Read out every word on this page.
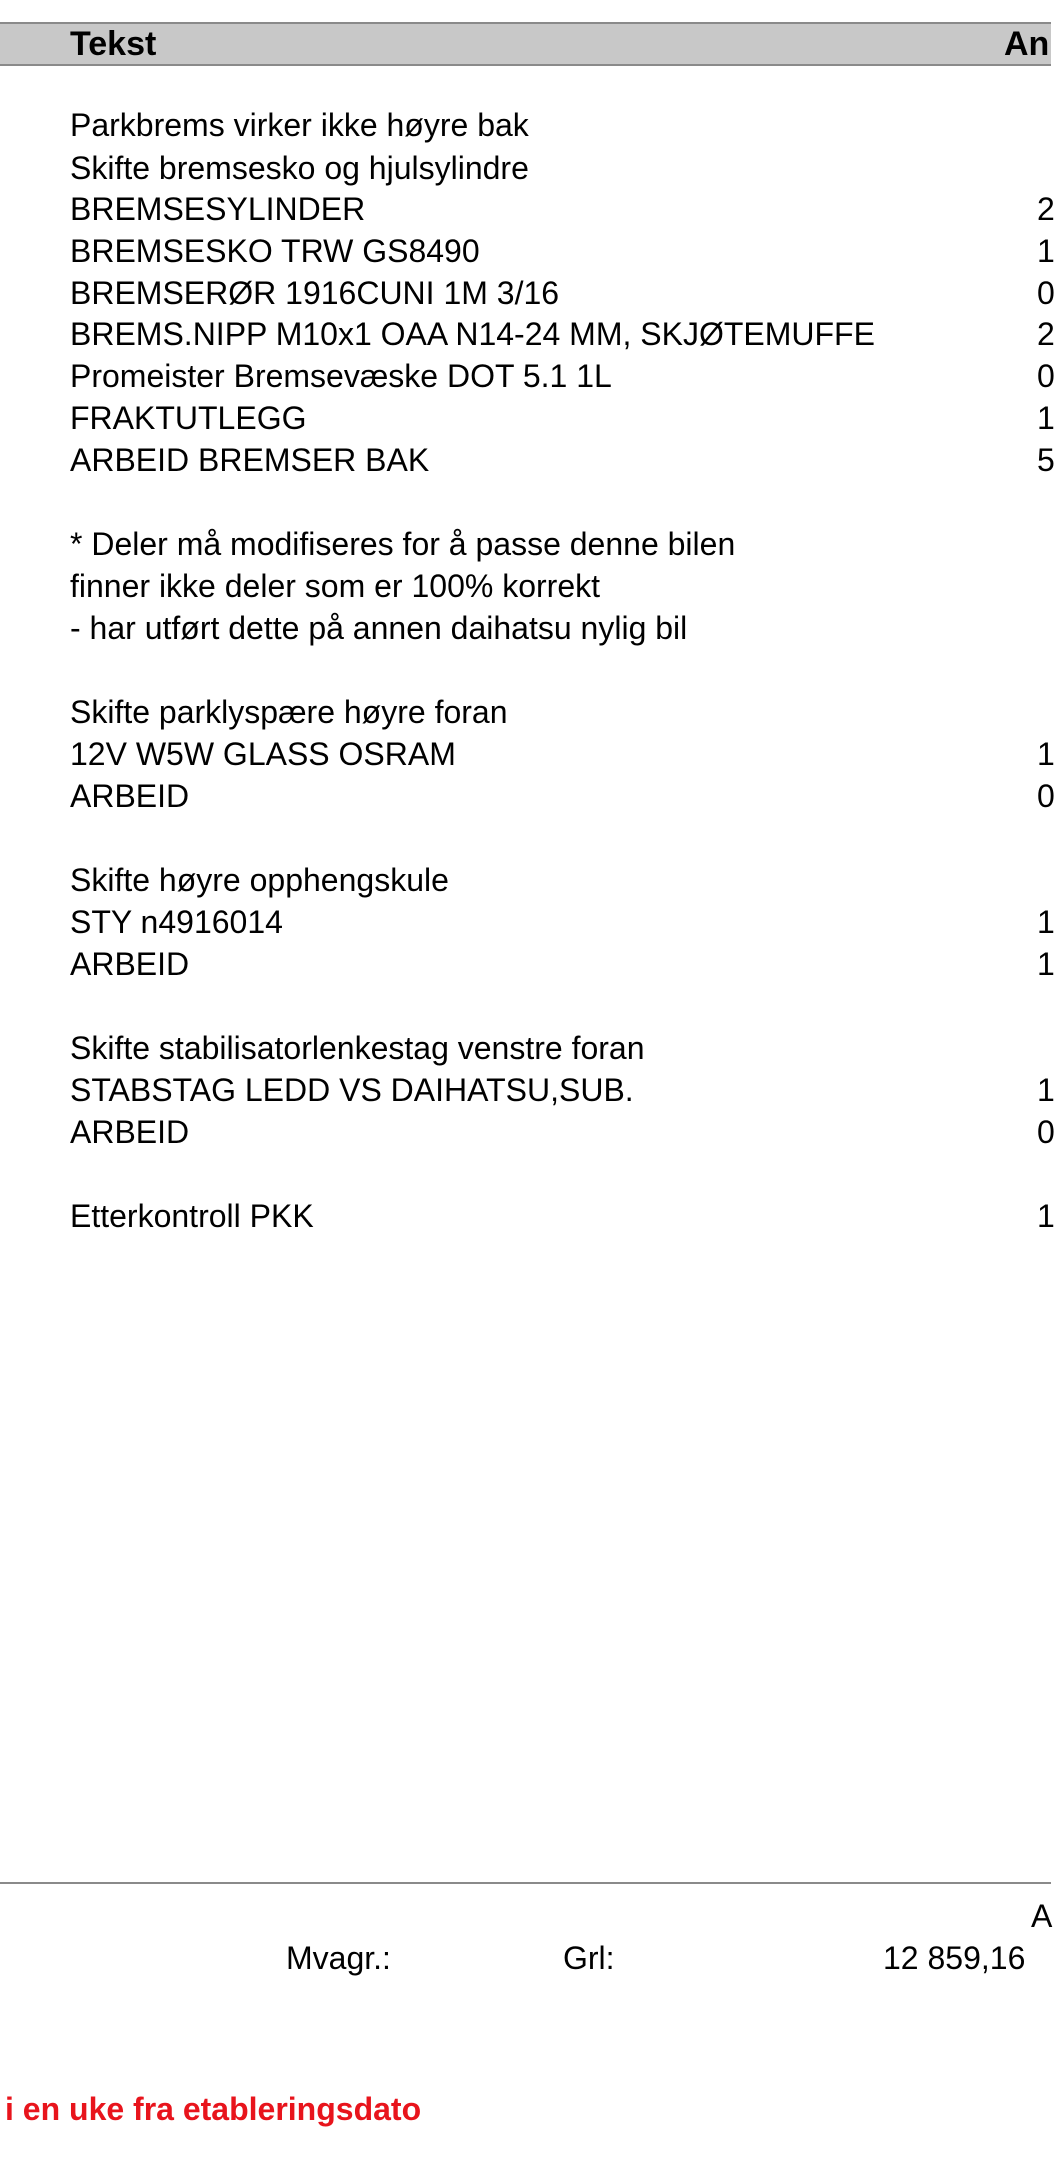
Tekst	An
Parkbrems virker ikke høyre bak
Skifte bremsesko og hjulsylindre
BREMSESYLINDER	2
BREMSESKO TRW GS8490	1
BREMSERØR 1916CUNI 1M 3/16	0
BREMS.NIPP M10x1 OAA N14-24 MM, SKJØTEMUFFE	2
Promeister Bremsevæske DOT 5.1 1L	0
FRAKTUTLEGG	1
ARBEID BREMSER BAK	5
* Deler må modifiseres for å passe denne bilen
finner ikke deler som er 100% korrekt
- har utført dette på annen daihatsu nylig bil
Skifte parklyspære høyre foran
12V W5W GLASS OSRAM	1
ARBEID	0
Skifte høyre opphengskule
STY n4916014	1
ARBEID	1
Skifte stabilisatorlenkestag venstre foran
STABSTAG LEDD VS DAIHATSU,SUB.	1
ARBEID	0
Etterkontroll PKK	1
A
Mvagr.:	Grl:	12 859,16
i en uke fra etableringsdato
